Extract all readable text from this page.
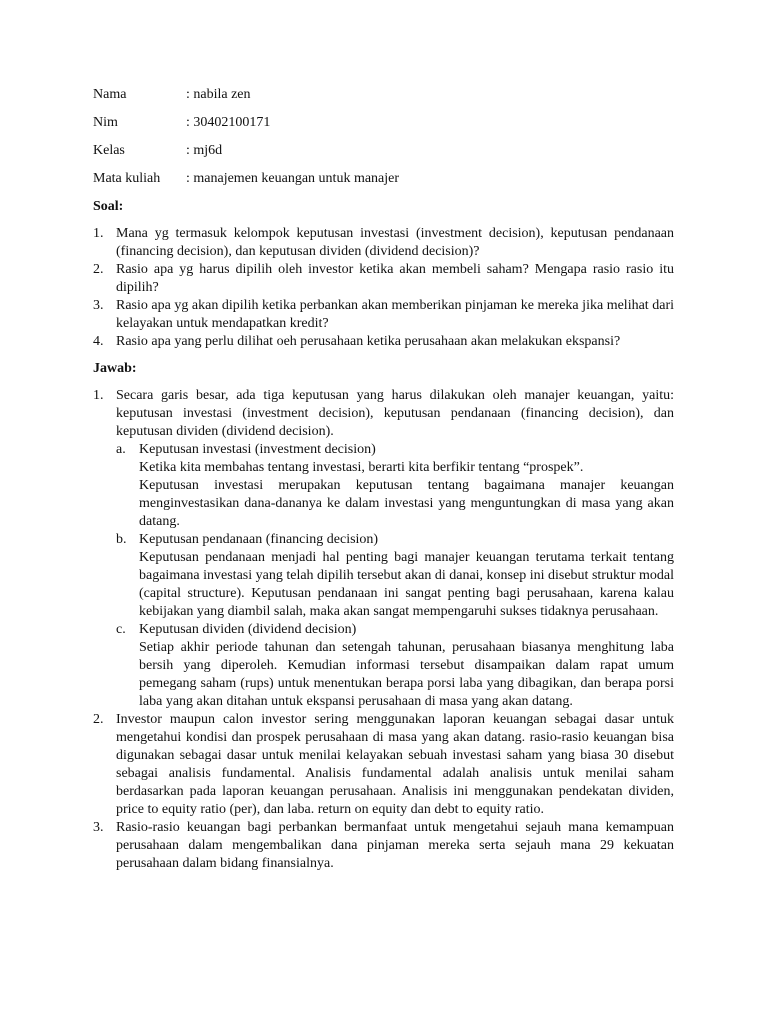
Nama	: nabila zen
Nim	: 30402100171
Kelas	: mj6d
Mata kuliah	: manajemen keuangan untuk manajer
Soal:
1. Mana yg termasuk kelompok keputusan investasi (investment decision), keputusan pendanaan (financing decision), dan keputusan dividen (dividend decision)?
2. Rasio apa yg harus dipilih oleh investor ketika akan membeli saham? Mengapa rasio rasio itu dipilih?
3. Rasio apa yg akan dipilih ketika perbankan akan memberikan pinjaman ke mereka jika melihat dari kelayakan untuk mendapatkan kredit?
4. Rasio apa yang perlu dilihat oeh perusahaan ketika perusahaan akan melakukan ekspansi?
Jawab:
1. Secara garis besar, ada tiga keputusan yang harus dilakukan oleh manajer keuangan, yaitu: keputusan investasi (investment decision), keputusan pendanaan (financing decision), dan keputusan dividen (dividend decision).
a. Keputusan investasi (investment decision)
Ketika kita membahas tentang investasi, berarti kita berfikir tentang “prospek”.
Keputusan investasi merupakan keputusan tentang bagaimana manajer keuangan menginvestasikan dana-dananya ke dalam investasi yang menguntungkan di masa yang akan datang.
b. Keputusan pendanaan (financing decision)
Keputusan pendanaan menjadi hal penting bagi manajer keuangan terutama terkait tentang bagaimana investasi yang telah dipilih tersebut akan di danai, konsep ini disebut struktur modal (capital structure). Keputusan pendanaan ini sangat penting bagi perusahaan, karena kalau kebijakan yang diambil salah, maka akan sangat mempengaruhi sukses tidaknya perusahaan.
c. Keputusan dividen (dividend decision)
Setiap akhir periode tahunan dan setengah tahunan, perusahaan biasanya menghitung laba bersih yang diperoleh. Kemudian informasi tersebut disampaikan dalam rapat umum pemegang saham (rups) untuk menentukan berapa porsi laba yang dibagikan, dan berapa porsi laba yang akan ditahan untuk ekspansi perusahaan di masa yang akan datang.
2. Investor maupun calon investor sering menggunakan laporan keuangan sebagai dasar untuk mengetahui kondisi dan prospek perusahaan di masa yang akan datang. rasio-rasio keuangan bisa digunakan sebagai dasar untuk menilai kelayakan sebuah investasi saham yang biasa 30 disebut sebagai analisis fundamental. Analisis fundamental adalah analisis untuk menilai saham berdasarkan pada laporan keuangan perusahaan. Analisis ini menggunakan pendekatan dividen, price to equity ratio (per), dan laba. return on equity dan debt to equity ratio.
3. Rasio-rasio keuangan bagi perbankan bermanfaat untuk mengetahui sejauh mana kemampuan perusahaan dalam mengembalikan dana pinjaman mereka serta sejauh mana 29 kekuatan perusahaan dalam bidang finansialnya.
